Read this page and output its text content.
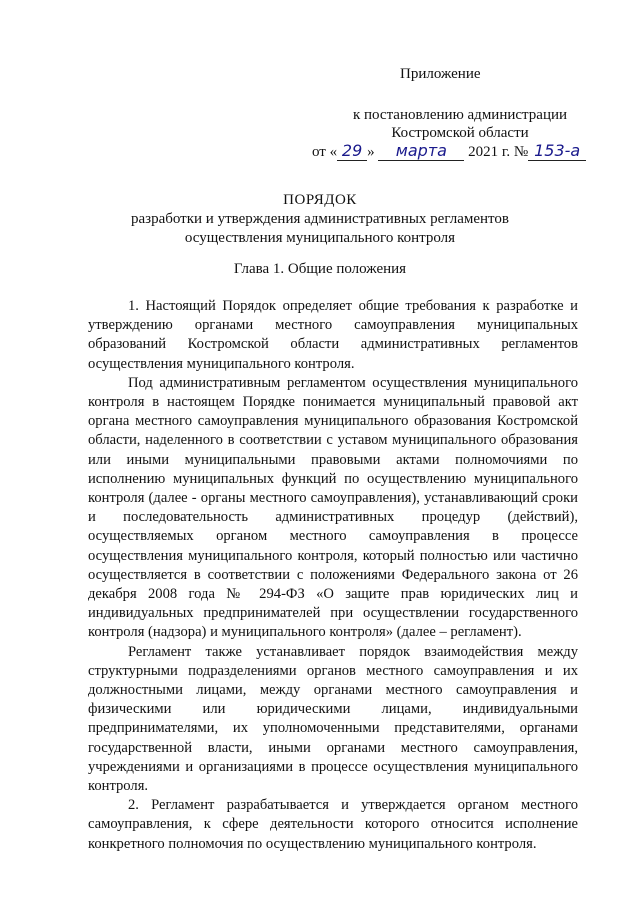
Приложение
к постановлению администрации
Костромской области
от « 29 » марта 2021 г. № 153-а
ПОРЯДОК
разработки и утверждения административных регламентов
осуществления муниципального контроля
Глава 1. Общие положения

1. Настоящий Порядок определяет общие требования к разработке и утверждению органами местного самоуправления муниципальных образований Костромской области административных регламентов осуществления муниципального контроля.

Под административным регламентом осуществления муниципального контроля в настоящем Порядке понимается муниципальный правовой акт органа местного самоуправления муниципального образования Костромской области, наделенного в соответствии с уставом муниципального образования или иными муниципальными правовыми актами полномочиями по исполнению муниципальных функций по осуществлению муниципального контроля (далее - органы местного самоуправления), устанавливающий сроки и последовательность административных процедур (действий), осуществляемых органом местного самоуправления в процессе осуществления муниципального контроля, который полностью или частично осуществляется в соответствии с положениями Федерального закона от 26 декабря 2008 года № 294-ФЗ «О защите прав юридических лиц и индивидуальных предпринимателей при осуществлении государственного контроля (надзора) и муниципального контроля» (далее – регламент).

Регламент также устанавливает порядок взаимодействия между структурными подразделениями органов местного самоуправления и их должностными лицами, между органами местного самоуправления и физическими или юридическими лицами, индивидуальными предпринимателями, их уполномоченными представителями, органами государственной власти, иными органами местного самоуправления, учреждениями и организациями в процессе осуществления муниципального контроля.

2. Регламент разрабатывается и утверждается органом местного самоуправления, к сфере деятельности которого относится исполнение конкретного полномочия по осуществлению муниципального контроля.
